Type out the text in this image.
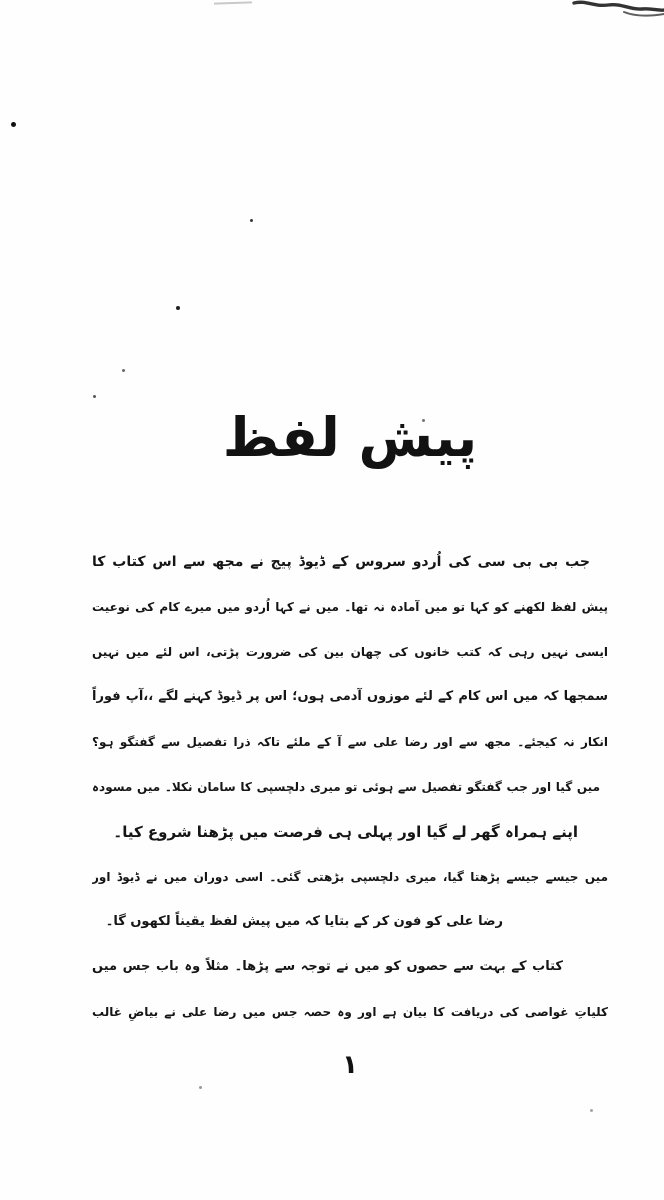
پیش لفظ
جب بی بی سی کی اُردو سروس کے ڈیوڈ پیج نے مجھ سے اس کتاب کا
پیش لفظ لکھنے کو کہا تو میں آمادہ نہ تھا۔ میں نے کہا اُردو میں میرے کام کی نوعیت
ایسی نہیں رہی کہ کتب خانوں کی چھان بین کی ضرورت پڑتی، اس لئے میں نہیں
سمجھا کہ میں اس کام کے لئے موزوں آدمی ہوں؛ اس پر ڈیوڈ کہنے لگے ،،آپ فوراً
انکار نہ کیجئے۔ مجھ سے اور رضا علی سے آ کے ملئے تاکہ ذرا تفصیل سے گفتگو ہو؟
میں گیا اور جب گفتگو تفصیل سے ہوئی تو میری دلچسپی کا سامان نکلا۔ میں مسودہ
اپنے ہمراہ گھر لے گیا اور پہلی ہی فرصت میں پڑھنا شروع کیا۔
میں جیسے جیسے پڑھتا گیا، میری دلچسپی بڑھتی گئی۔ اسی دوران میں نے ڈیوڈ اور
رضا علی کو فون کر کے بتایا کہ میں پیش لفظ یقیناً لکھوں گا۔
کتاب کے بہت سے حصوں کو میں نے توجہ سے پڑھا۔ مثلاً وہ باب جس میں
کلیاتِ غواصی کی دریافت کا بیان ہے اور وہ حصہ جس میں رضا علی نے بیاضِ غالب
۱
